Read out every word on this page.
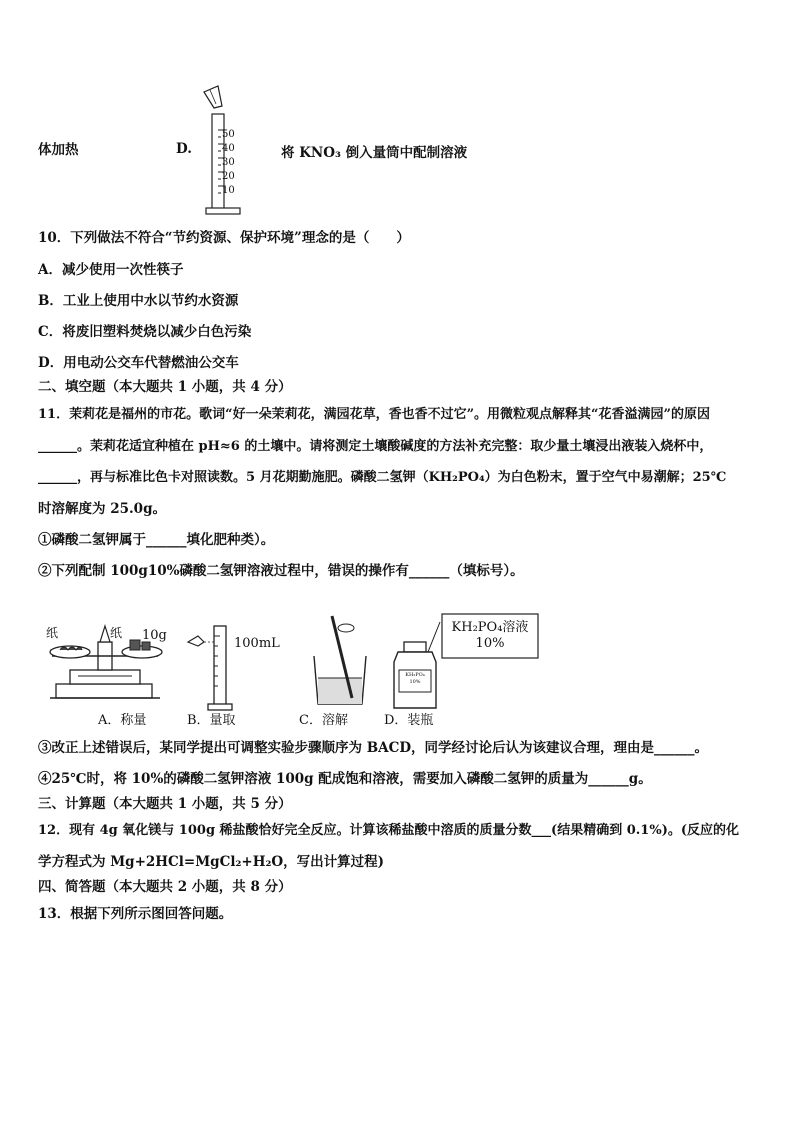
体加热	D.
50
40
30
20
10
将 KNO₃ 倒入量筒中配制溶液
10．下列做法不符合“节约资源、保护环境”理念的是（　　）
A．减少使用一次性筷子
B．工业上使用中水以节约水资源
C．将废旧塑料焚烧以减少白色污染
D．用电动公交车代替燃油公交车
二、填空题（本大题共 1 小题，共 4 分）
11．茉莉花是福州的市花。歌词“好一朵茉莉花，满园花草，香也香不过它”。用微粒观点解释其“花香溢满园”的原因
______。茉莉花适宜种植在 pH≈6 的土壤中。请将测定土壤酸碱度的方法补充完整：取少量土壤浸出液装入烧杯中，
______，再与标准比色卡对照读数。5 月花期勤施肥。磷酸二氢钾（KH₂PO₄）为白色粉末，置于空气中易潮解；25℃
时溶解度为 25.0g。
①磷酸二氢钾属于______填化肥种类）。
②下列配制 100g10%磷酸二氢钾溶液过程中，错误的操作有______（填标号）。
纸	纸 10g
100mL
KH₂PO₄ 10%
KH₂PO₄溶液
10%
A．称量	B．量取	C．溶解	D．装瓶
③改正上述错误后，某同学提出可调整实验步骤顺序为 BACD，同学经讨论后认为该建议合理，理由是______。
④25℃时，将 10%的磷酸二氢钾溶液 100g 配成饱和溶液，需要加入磷酸二氢钾的质量为______g。
三、计算题（本大题共 1 小题，共 5 分）
12．现有 4g 氧化镁与 100g 稀盐酸恰好完全反应。计算该稀盐酸中溶质的质量分数___(结果精确到 0.1%)。(反应的化
学方程式为 Mg+2HCl=MgCl₂+H₂O，写出计算过程)
四、简答题（本大题共 2 小题，共 8 分）
13．根据下列所示图回答问题。
